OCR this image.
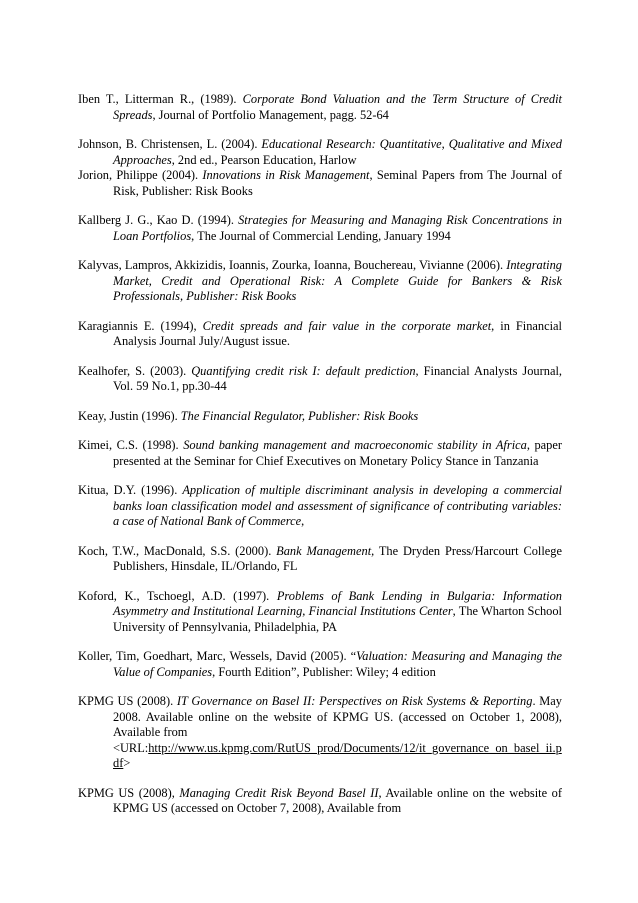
Iben T., Litterman R., (1989). Corporate Bond Valuation and the Term Structure of Credit Spreads, Journal of Portfolio Management, pagg. 52-64

Johnson, B. Christensen, L. (2004). Educational Research: Quantitative, Qualitative and Mixed Approaches, 2nd ed., Pearson Education, Harlow

Jorion, Philippe (2004). Innovations in Risk Management, Seminal Papers from The Journal of Risk, Publisher: Risk Books

Kallberg J. G., Kao D. (1994). Strategies for Measuring and Managing Risk Concentrations in Loan Portfolios, The Journal of Commercial Lending, January 1994

Kalyvas, Lampros, Akkizidis, Ioannis, Zourka, Ioanna, Bouchereau, Vivianne (2006). Integrating Market, Credit and Operational Risk: A Complete Guide for Bankers & Risk Professionals, Publisher: Risk Books

Karagiannis E. (1994), Credit spreads and fair value in the corporate market, in Financial Analysis Journal July/August issue.

Kealhofer, S. (2003). Quantifying credit risk I: default prediction, Financial Analysts Journal, Vol. 59 No.1, pp.30-44

Keay, Justin (1996). The Financial Regulator, Publisher: Risk Books

Kimei, C.S. (1998). Sound banking management and macroeconomic stability in Africa, paper presented at the Seminar for Chief Executives on Monetary Policy Stance in Tanzania

Kitua, D.Y. (1996). Application of multiple discriminant analysis in developing a commercial banks loan classification model and assessment of significance of contributing variables: a case of National Bank of Commerce,

Koch, T.W., MacDonald, S.S. (2000). Bank Management, The Dryden Press/Harcourt College Publishers, Hinsdale, IL/Orlando, FL

Koford, K., Tschoegl, A.D. (1997). Problems of Bank Lending in Bulgaria: Information Asymmetry and Institutional Learning, Financial Institutions Center, The Wharton School University of Pennsylvania, Philadelphia, PA

Koller, Tim, Goedhart, Marc, Wessels, David (2005). “Valuation: Measuring and Managing the Value of Companies, Fourth Edition”, Publisher: Wiley; 4 edition

KPMG US (2008). IT Governance on Basel II: Perspectives on Risk Systems & Reporting. May 2008. Available online on the website of KPMG US. (accessed on October 1, 2008), Available from
<URL:http://www.us.kpmg.com/RutUS_prod/Documents/12/it_governance_on_basel_ii.pdf>

KPMG US (2008), Managing Credit Risk Beyond Basel II, Available online on the website of KPMG US (accessed on October 7, 2008), Available from
